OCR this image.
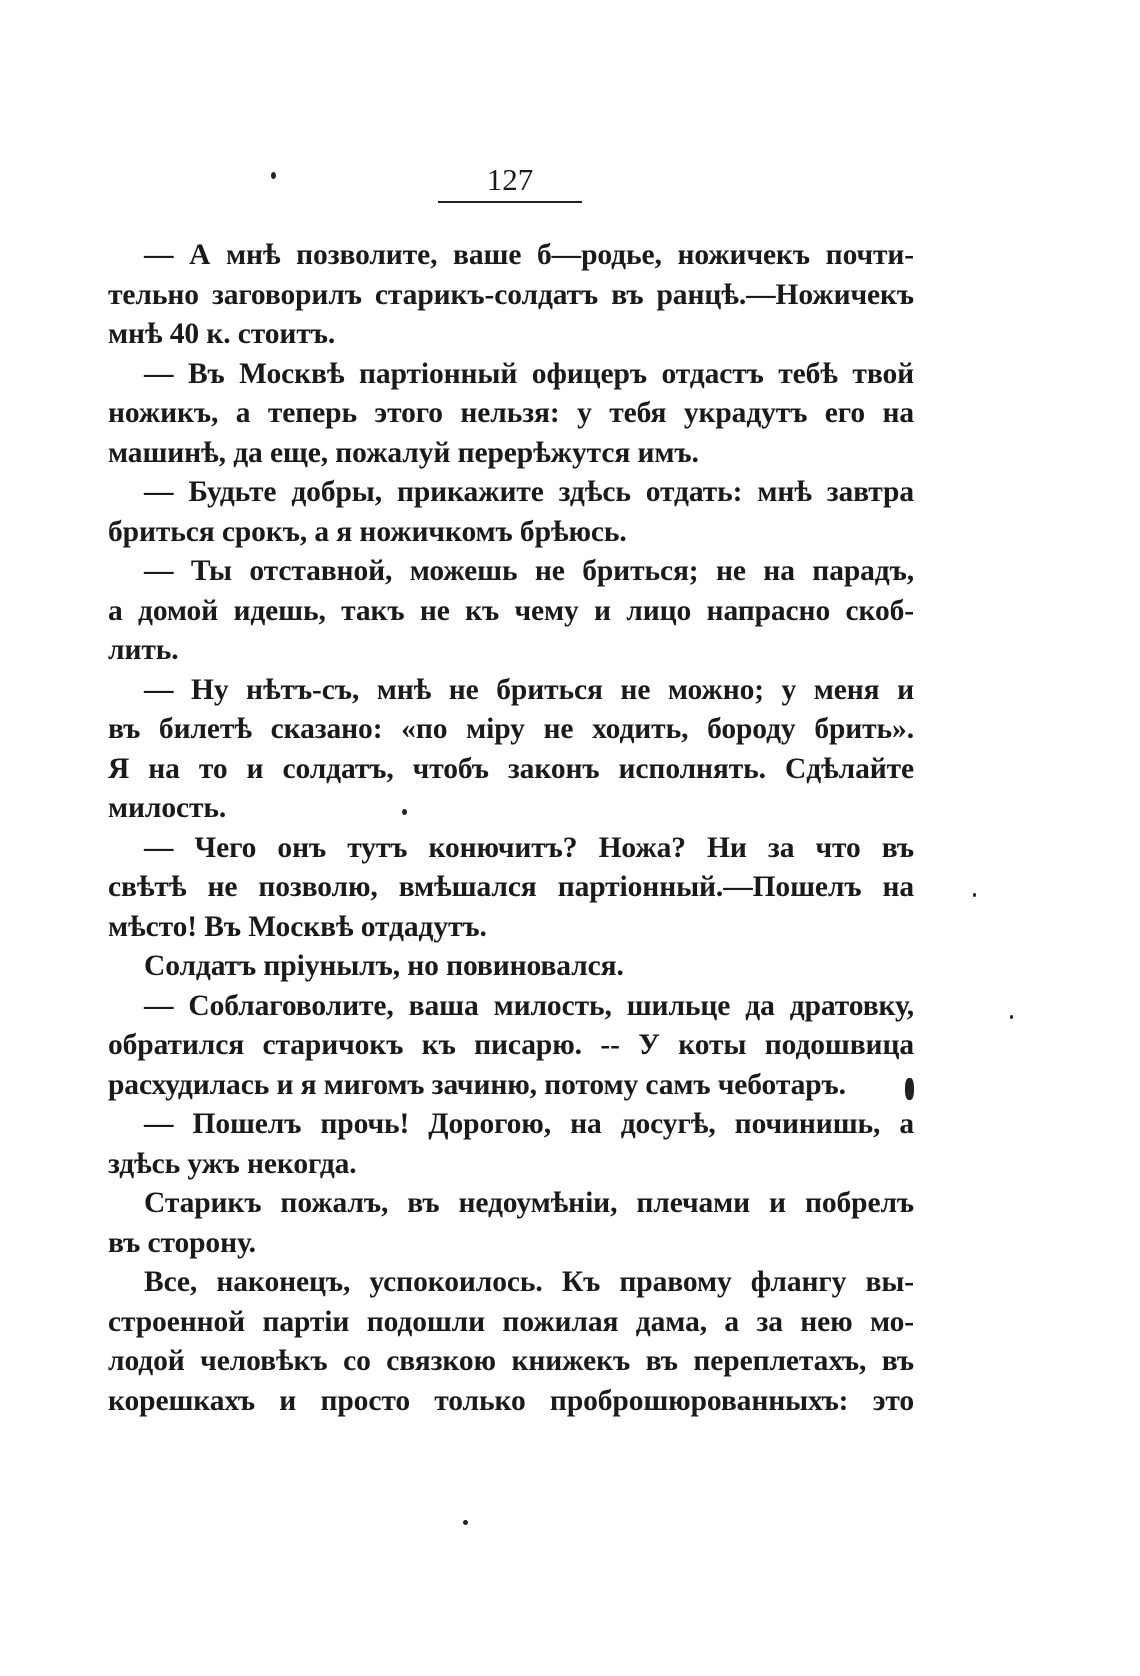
127
— А мнѣ позволите, ваше б—родье, ножичекъ почти-
тельно заговорилъ старикъ-солдатъ въ ранцѣ.—Ножичекъ
мнѣ 40 к. стоитъ.
— Въ Москвѣ партіонный офицеръ отдастъ тебѣ твой
ножикъ, а теперь этого нельзя: у тебя украдутъ его на
машинѣ, да еще, пожалуй перерѣжутся имъ.
— Будьте добры, прикажите здѣсь отдать: мнѣ завтра
бриться срокъ, а я ножичкомъ брѣюсь.
— Ты отставной, можешь не бриться; не на парадъ,
а домой идешь, такъ не къ чему и лицо напрасно скоб-
лить.
— Ну нѣтъ-съ, мнѣ не бриться не можно; у меня и
въ билетѣ сказано: «по міру не ходить, бороду брить».
Я на то и солдатъ, чтобъ законъ исполнять. Сдѣлайте
милость.
— Чего онъ тутъ конючитъ? Ножа? Ни за что въ
свѣтѣ не позволю, вмѣшался партіонный.—Пошелъ на
мѣсто! Въ Москвѣ отдадутъ.
Солдатъ пріунылъ, но повиновался.
— Соблаговолите, ваша милость, шильце да дратовку,
обратился старичокъ къ писарю. -- У коты подошвица
расхудилась и я мигомъ зачиню, потому самъ чеботаръ.
— Пошелъ прочь! Дорогою, на досугѣ, починишь, а
здѣсь ужъ некогда.
Старикъ пожалъ, въ недоумѣніи, плечами и побрелъ
въ сторону.
Все, наконецъ, успокоилось. Къ правому флангу вы-
строенной партіи подошли пожилая дама, а за нею мо-
лодой человѣкъ со связкою книжекъ въ переплетахъ, въ
корешкахъ и просто только проброшюрованныхъ: это
